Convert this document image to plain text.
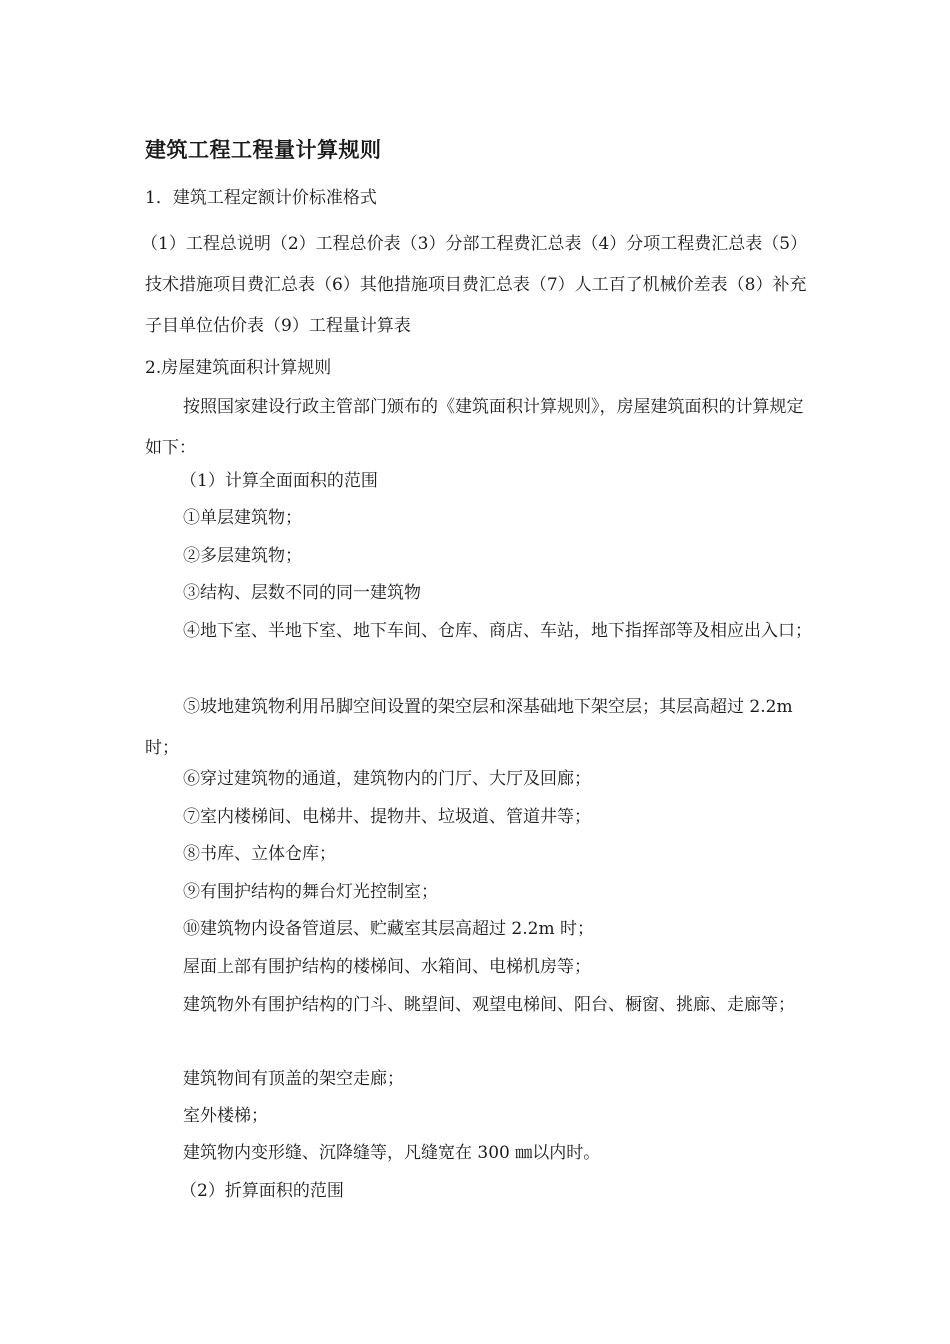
建筑工程工程量计算规则
1．建筑工程定额计价标准格式
（1）工程总说明（2）工程总价表（3）分部工程费汇总表（4）分项工程费汇总表（5）技术措施项目费汇总表（6）其他措施项目费汇总表（7）人工百了机械价差表（8）补充子目单位估价表（9）工程量计算表
2.房屋建筑面积计算规则
按照国家建设行政主管部门颁布的《建筑面积计算规则》，房屋建筑面积的计算规定如下：
（1）计算全面面积的范围
①单层建筑物；
②多层建筑物；
③结构、层数不同的同一建筑物
④地下室、半地下室、地下车间、仓库、商店、车站，地下指挥部等及相应出入口；
⑤坡地建筑物利用吊脚空间设置的架空层和深基础地下架空层；其层高超过 2.2m 时；
⑥穿过建筑物的通道，建筑物内的门厅、大厅及回廊；
⑦室内楼梯间、电梯井、提物井、垃圾道、管道井等；
⑧书库、立体仓库；
⑨有围护结构的舞台灯光控制室；
⑩建筑物内设备管道层、贮藏室其层高超过 2.2m 时；
屋面上部有围护结构的楼梯间、水箱间、电梯机房等；
建筑物外有围护结构的门斗、眺望间、观望电梯间、阳台、橱窗、挑廊、走廊等；
建筑物间有顶盖的架空走廊；
室外楼梯；
建筑物内变形缝、沉降缝等，凡缝宽在 300 ㎜以内时。
（2）折算面积的范围
